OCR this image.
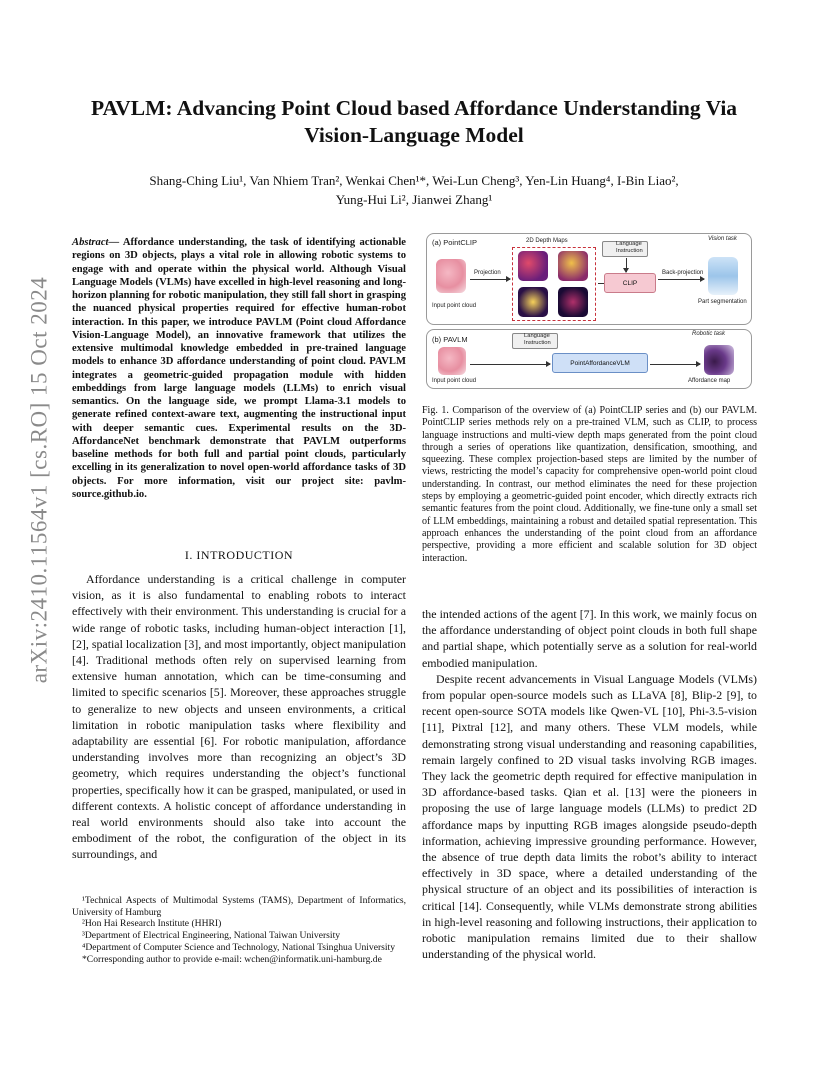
arXiv:2410.11564v1 [cs.RO] 15 Oct 2024
PAVLM: Advancing Point Cloud based Affordance Understanding Via Vision-Language Model
Shang-Ching Liu¹, Van Nhiem Tran², Wenkai Chen¹*, Wei-Lun Cheng³, Yen-Lin Huang⁴, I-Bin Liao²,
Yung-Hui Li², Jianwei Zhang¹
Abstract— Affordance understanding, the task of identifying actionable regions on 3D objects, plays a vital role in allowing robotic systems to engage with and operate within the physical world. Although Visual Language Models (VLMs) have excelled in high-level reasoning and long-horizon planning for robotic manipulation, they still fall short in grasping the nuanced physical properties required for effective human-robot interaction. In this paper, we introduce PAVLM (Point cloud Affordance Vision-Language Model), an innovative framework that utilizes the extensive multimodal knowledge embedded in pre-trained language models to enhance 3D affordance understanding of point cloud. PAVLM integrates a geometric-guided propagation module with hidden embeddings from large language models (LLMs) to enrich visual semantics. On the language side, we prompt Llama-3.1 models to generate refined context-aware text, augmenting the instructional input with deeper semantic cues. Experimental results on the 3D-AffordanceNet benchmark demonstrate that PAVLM outperforms baseline methods for both full and partial point clouds, particularly excelling in its generalization to novel open-world affordance tasks of 3D objects. For more information, visit our project site: pavlm-source.github.io.
I. INTRODUCTION

Affordance understanding is a critical challenge in computer vision, as it is also fundamental to enabling robots to interact effectively with their environment. This understanding is crucial for a wide range of robotic tasks, including human-object interaction [1], [2], spatial localization [3], and most importantly, object manipulation [4]. Traditional methods often rely on supervised learning from extensive human annotation, which can be time-consuming and limited to specific scenarios [5]. Moreover, these approaches struggle to generalize to new objects and unseen environments, a critical limitation in robotic manipulation tasks where flexibility and adaptability are essential [6]. For robotic manipulation, affordance understanding involves more than recognizing an object’s 3D geometry, which requires understanding the object’s functional properties, specifically how it can be grasped, manipulated, or used in different contexts. A holistic concept of affordance understanding in real world environments should also take into account the embodiment of the robot, the configuration of the object in its surroundings, and

¹Technical Aspects of Multimodal Systems (TAMS), Department of Informatics, University of Hamburg

²Hon Hai Research Institute (HHRI)

³Department of Electrical Engineering, National Taiwan University

⁴Department of Computer Science and Technology, National Tsinghua University

*Corresponding author to provide e-mail: wchen@informatik.uni-hamburg.de

(a) PointCLIP	2D Depth Maps	Vision task
Input point cloud
Projection
Language Instruction
CLIP
Back-projection
Part segmentation
(b) PAVLM
Robotic task
Input point cloud
Language Instruction
PointAffordanceVLM
Affordance map
Fig. 1. Comparison of the overview of (a) PointCLIP series and (b) our PAVLM. PointCLIP series methods rely on a pre-trained VLM, such as CLIP, to process language instructions and multi-view depth maps generated from the point cloud through a series of operations like quantization, densification, smoothing, and squeezing. These complex projection-based steps are limited by the number of views, restricting the model’s capacity for comprehensive open-world point cloud understanding. In contrast, our method eliminates the need for these projection steps by employing a geometric-guided point encoder, which directly extracts rich semantic features from the point cloud. Additionally, we fine-tune only a small set of LLM embeddings, maintaining a robust and detailed spatial representation. This approach enhances the understanding of the point cloud from an affordance perspective, providing a more efficient and scalable solution for 3D object interaction.

the intended actions of the agent [7]. In this work, we mainly focus on the affordance understanding of object point clouds in both full shape and partial shape, which potentially serve as a solution for real-world embodied manipulation.

Despite recent advancements in Visual Language Models (VLMs) from popular open-source models such as LLaVA [8], Blip-2 [9], to recent open-source SOTA models like Qwen-VL [10], Phi-3.5-vision [11], Pixtral [12], and many others. These VLM models, while demonstrating strong visual understanding and reasoning capabilities, remain largely confined to 2D visual tasks involving RGB images. They lack the geometric depth required for effective manipulation in 3D affordance-based tasks. Qian et al. [13] were the pioneers in proposing the use of large language models (LLMs) to predict 2D affordance maps by inputting RGB images alongside pseudo-depth information, achieving impressive grounding performance. However, the absence of true depth data limits the robot’s ability to interact effectively in 3D space, where a detailed understanding of the physical structure of an object and its possibilities of interaction is critical [14]. Consequently, while VLMs demonstrate strong abilities in high-level reasoning and following instructions, their application to robotic manipulation remains limited due to their shallow understanding of the physical world.
